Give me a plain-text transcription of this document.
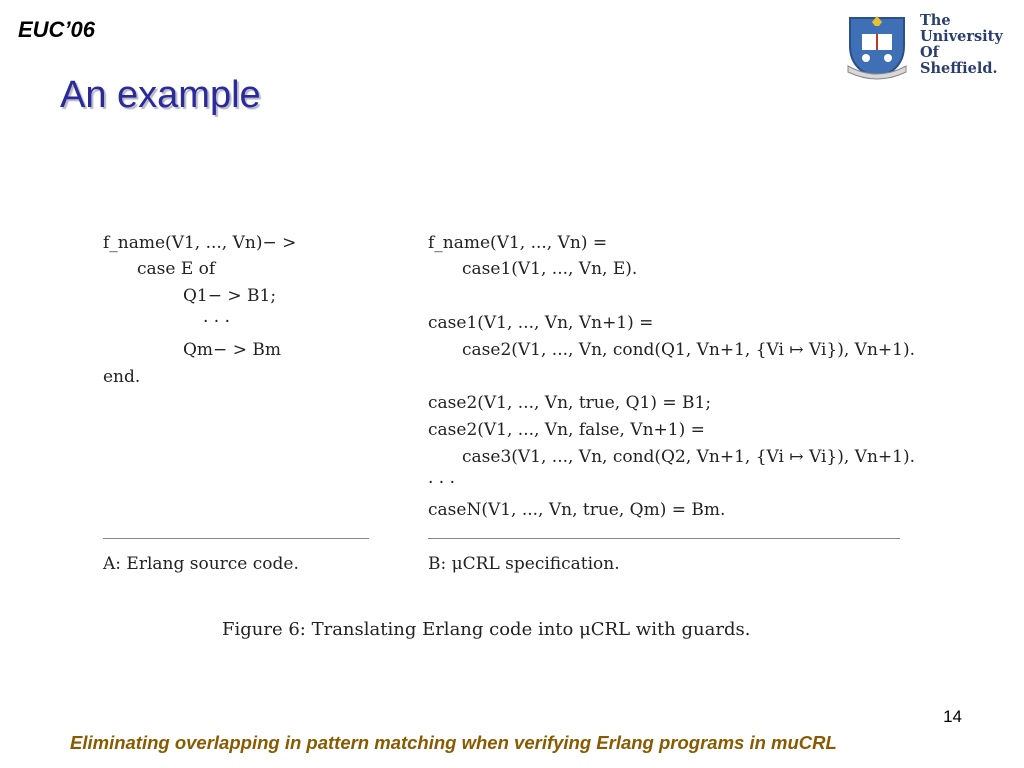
EUC’06
An example
The
University
Of
Sheffield.
f_name(V1, ..., Vn)− >
case E of
Q1− > B1;
· · ·
Qm− > Bm
end.
f_name(V1, ..., Vn) =
case1(V1, ..., Vn, E).
case1(V1, ..., Vn, Vn+1) =
case2(V1, ..., Vn, cond(Q1, Vn+1, {Vi ↦ Vi}), Vn+1).
case2(V1, ..., Vn, true, Q1) = B1;
case2(V1, ..., Vn, false, Vn+1) =
case3(V1, ..., Vn, cond(Q2, Vn+1, {Vi ↦ Vi}), Vn+1).
· · ·
caseN(V1, ..., Vn, true, Qm) = Bm.
A: Erlang source code.	B: μCRL specification.
Figure 6: Translating Erlang code into μCRL with guards.
14
Eliminating overlapping in pattern matching when verifying Erlang programs in muCRL
